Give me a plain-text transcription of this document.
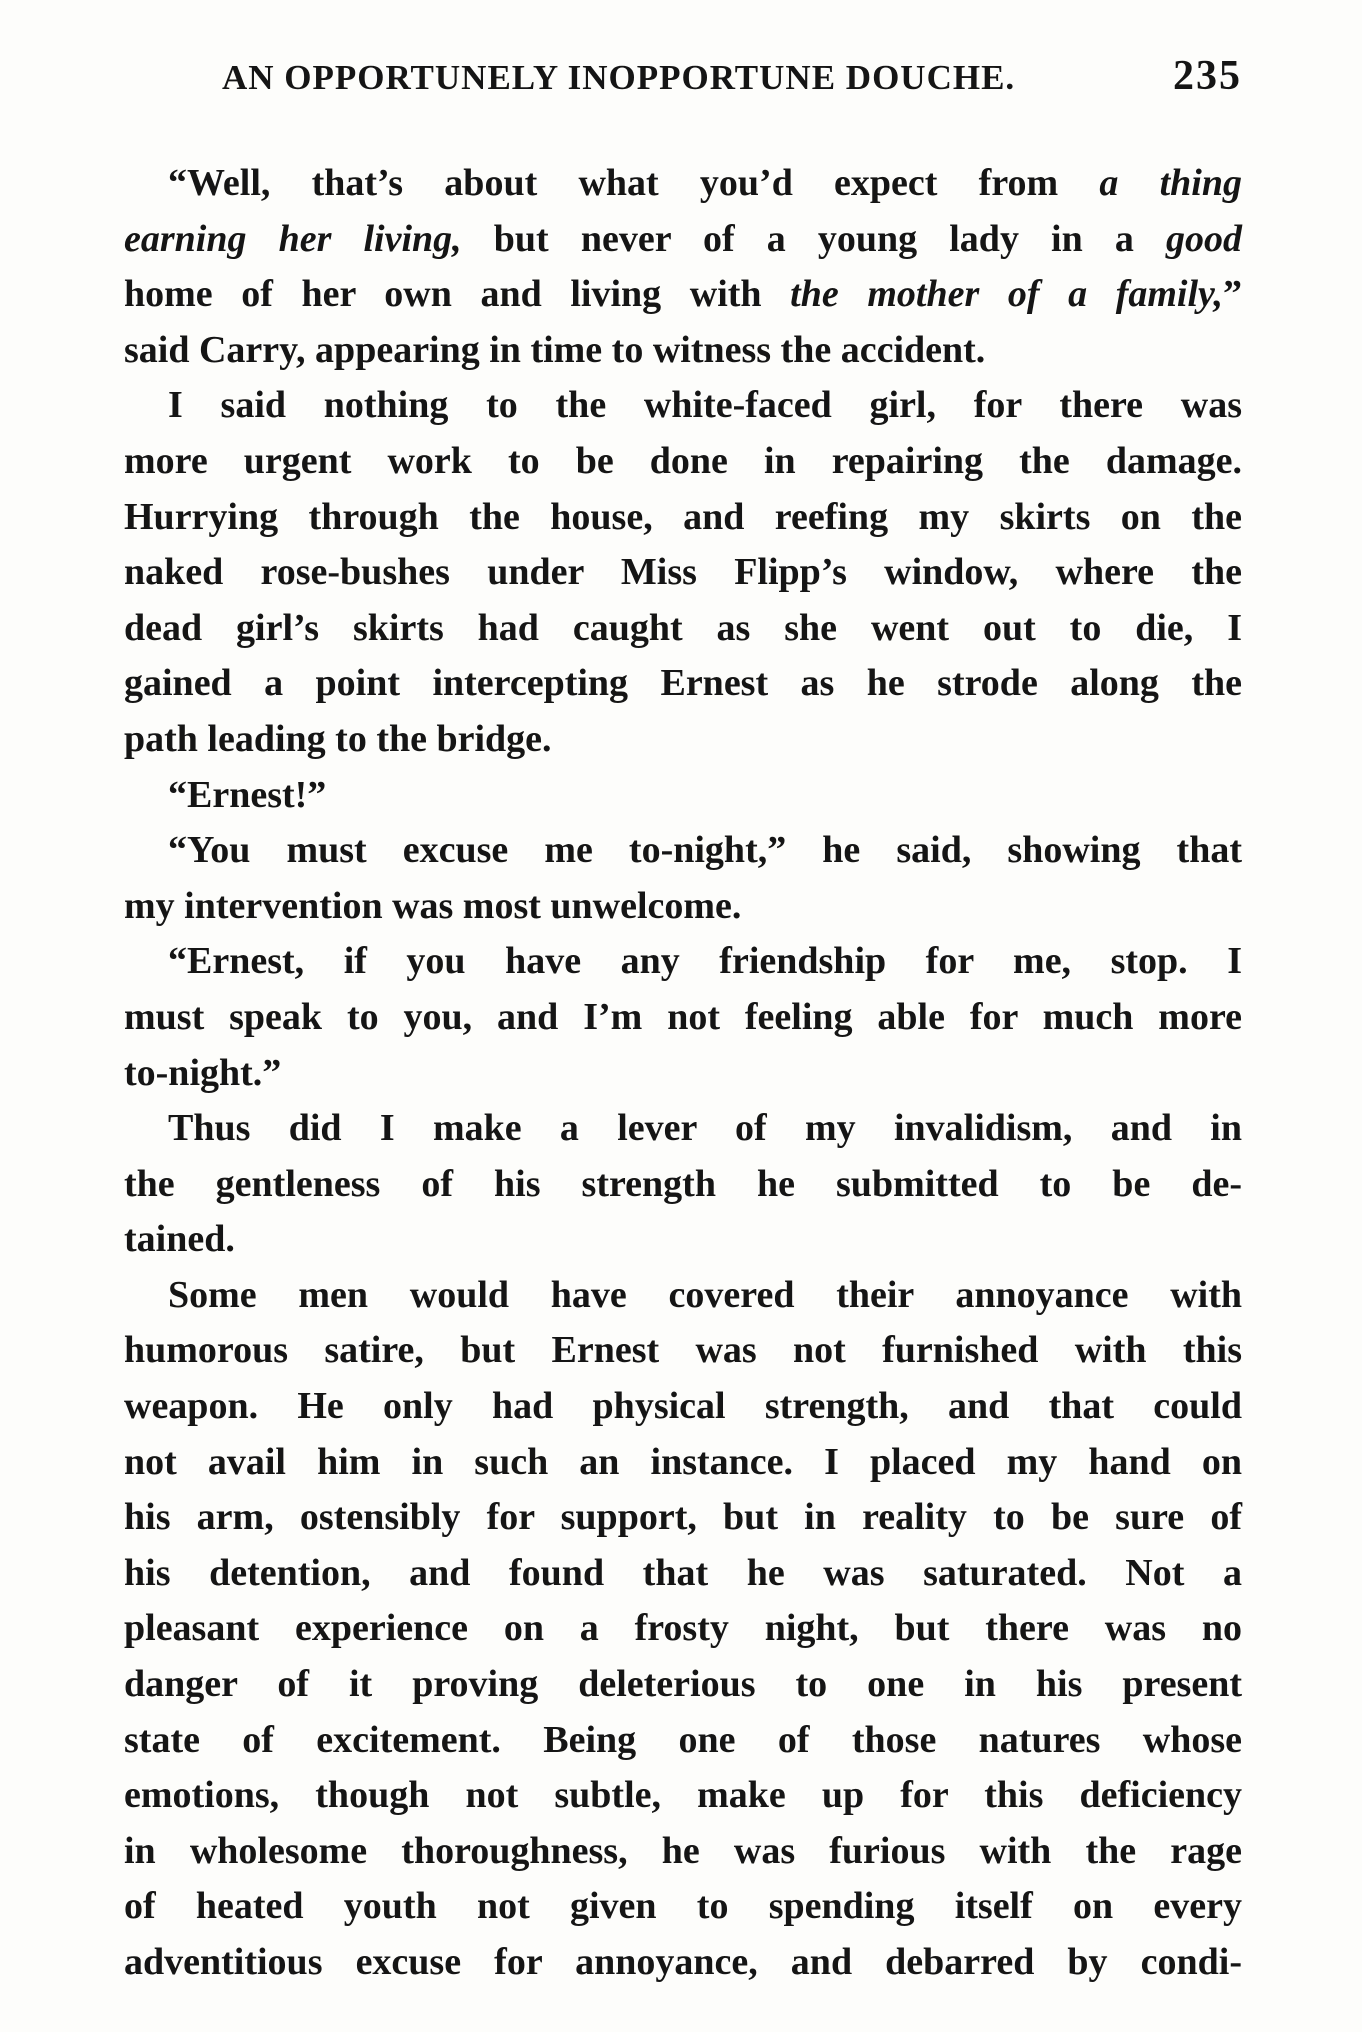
AN OPPORTUNELY INOPPORTUNE DOUCHE.	235
“Well, that’s about what you’d expect from a thing
earning her living, but never of a young lady in a good
home of her own and living with the mother of a family,”
said Carry, appearing in time to witness the accident.
I said nothing to the white-faced girl, for there was
more urgent work to be done in repairing the damage.
Hurrying through the house, and reefing my skirts on the
naked rose-bushes under Miss Flipp’s window, where the
dead girl’s skirts had caught as she went out to die, I
gained a point intercepting Ernest as he strode along the
path leading to the bridge.
“Ernest!”
“You must excuse me to-night,” he said, showing that
my intervention was most unwelcome.
“Ernest, if you have any friendship for me, stop. I
must speak to you, and I’m not feeling able for much more
to-night.”
Thus did I make a lever of my invalidism, and in
the gentleness of his strength he submitted to be de-
tained.
Some men would have covered their annoyance with
humorous satire, but Ernest was not furnished with this
weapon. He only had physical strength, and that could
not avail him in such an instance. I placed my hand on
his arm, ostensibly for support, but in reality to be sure of
his detention, and found that he was saturated. Not a
pleasant experience on a frosty night, but there was no
danger of it proving deleterious to one in his present
state of excitement. Being one of those natures whose
emotions, though not subtle, make up for this deficiency
in wholesome thoroughness, he was furious with the rage
of heated youth not given to spending itself on every
adventitious excuse for annoyance, and debarred by condi-
